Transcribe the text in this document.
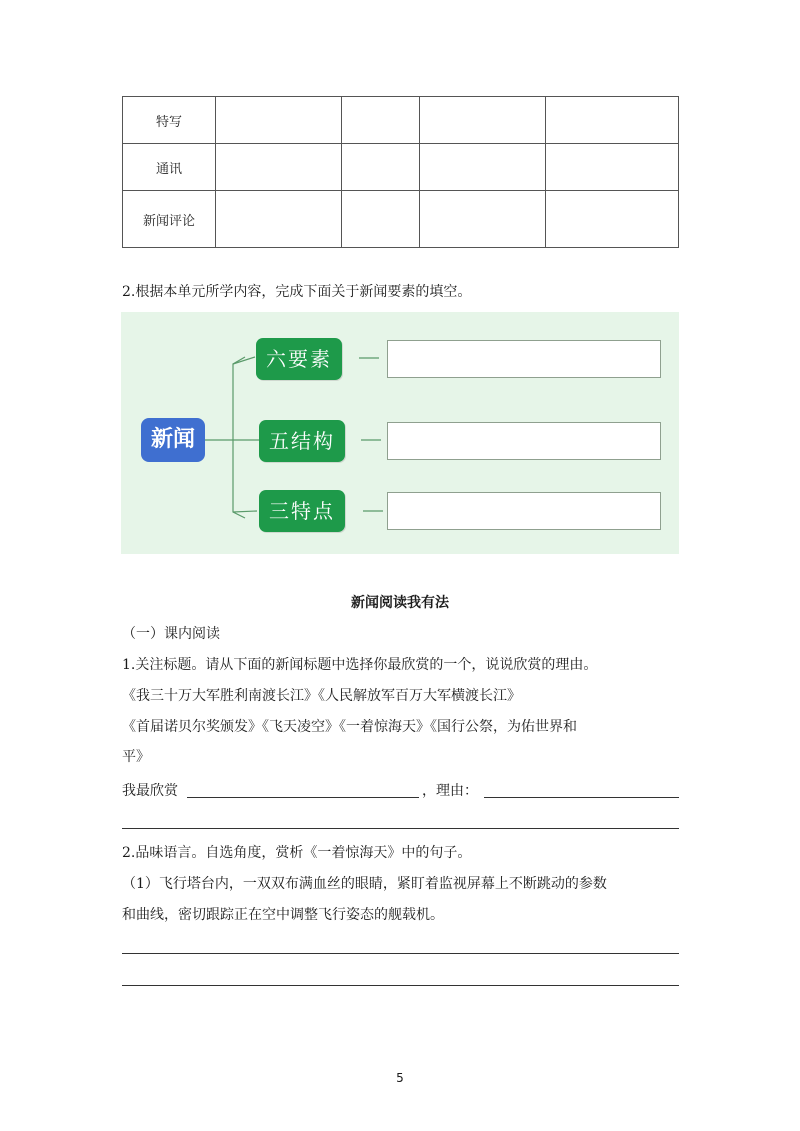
特写				
通讯				
新闻评论				
2.根据本单元所学内容，完成下面关于新闻要素的填空。
新闻
六要素
五结构
三特点
新闻阅读我有法
（一）课内阅读
1.关注标题。请从下面的新闻标题中选择你最欣赏的一个，说说欣赏的理由。
《我三十万大军胜利南渡长江》《人民解放军百万大军横渡长江》
《首届诺贝尔奖颁发》《飞天凌空》《一着惊海天》《国行公祭，为佑世界和
平》
我最欣赏	，理由：
2.品味语言。自选角度，赏析《一着惊海天》中的句子。
（1）飞行塔台内，一双双布满血丝的眼睛，紧盯着监视屏幕上不断跳动的参数
和曲线，密切跟踪正在空中调整飞行姿态的舰载机。
5
